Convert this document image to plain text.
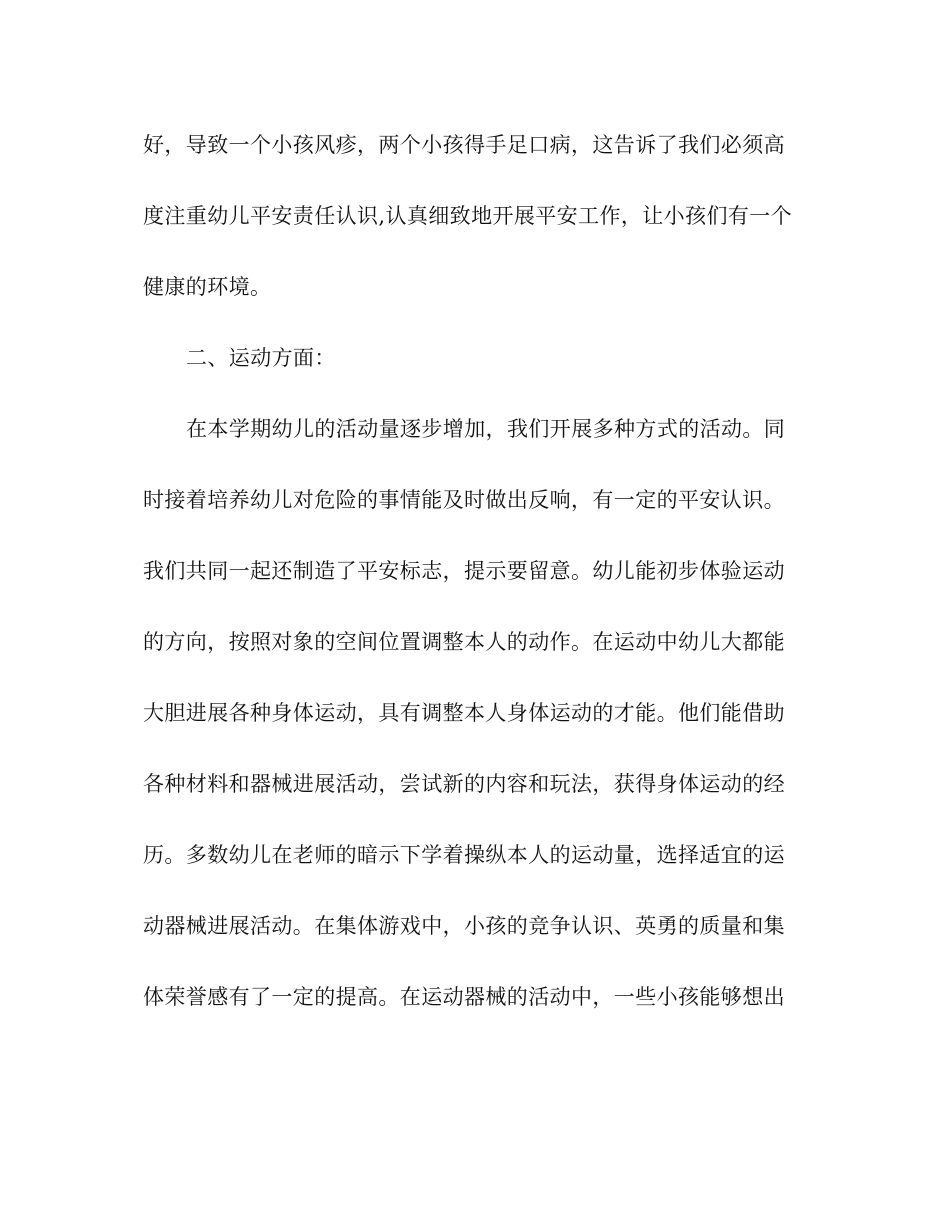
好，导致一个小孩风疹，两个小孩得手足口病，这告诉了我们必须高
度注重幼儿平安责任认识,认真细致地开展平安工作，让小孩们有一个
健康的环境。
二、运动方面：
在本学期幼儿的活动量逐步增加，我们开展多种方式的活动。同
时接着培养幼儿对危险的事情能及时做出反响，有一定的平安认识。
我们共同一起还制造了平安标志，提示要留意。幼儿能初步体验运动
的方向，按照对象的空间位置调整本人的动作。在运动中幼儿大都能
大胆进展各种身体运动，具有调整本人身体运动的才能。他们能借助
各种材料和器械进展活动，尝试新的内容和玩法，获得身体运动的经
历。多数幼儿在老师的暗示下学着操纵本人的运动量，选择适宜的运
动器械进展活动。在集体游戏中，小孩的竞争认识、英勇的质量和集
体荣誉感有了一定的提高。在运动器械的活动中，一些小孩能够想出
